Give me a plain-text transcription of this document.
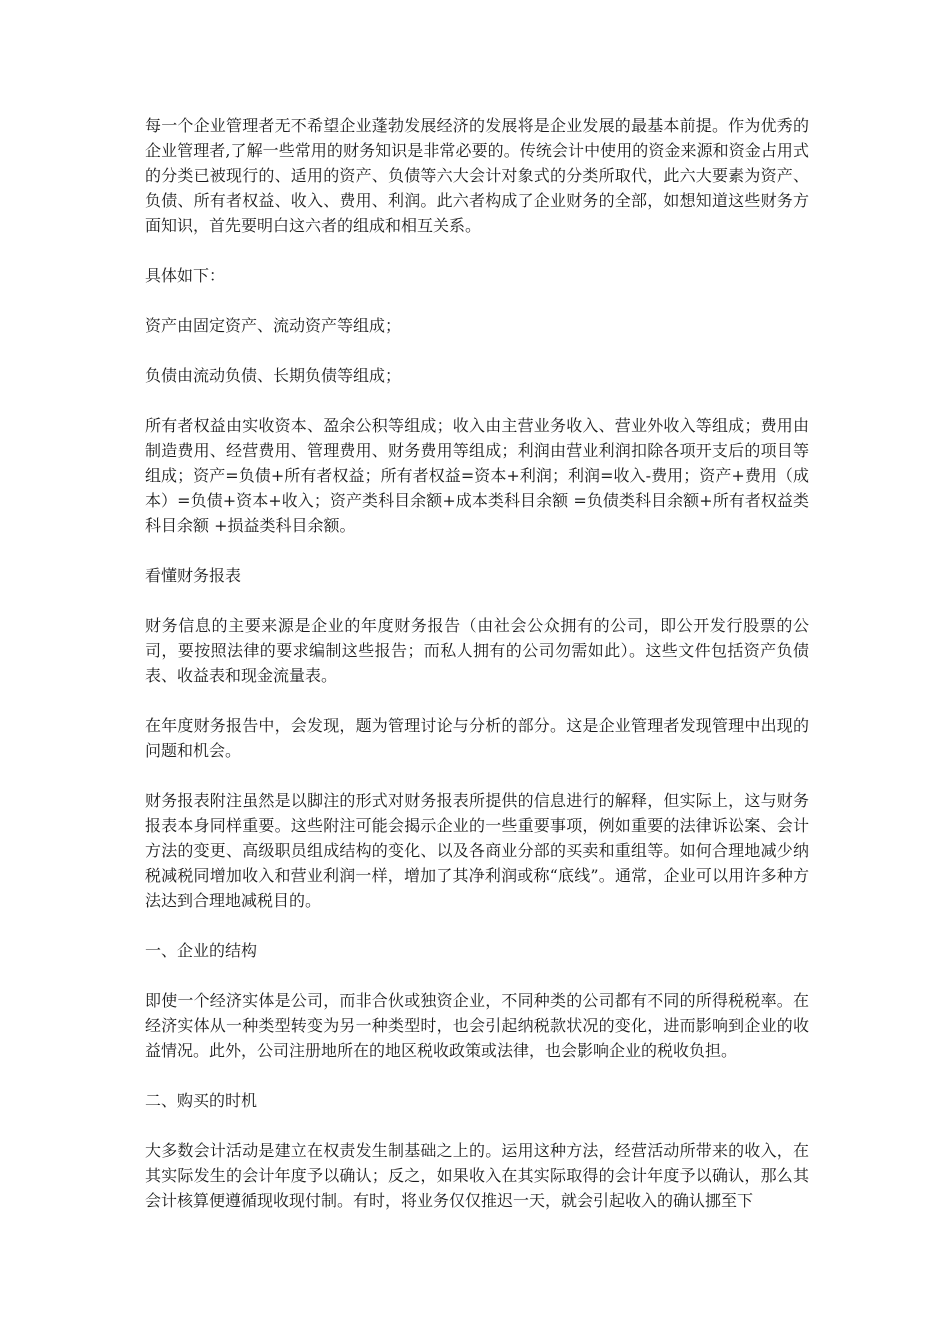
每一个企业管理者无不希望企业蓬勃发展经济的发展将是企业发展的最基本前提。作为优秀的企业管理者,了解一些常用的财务知识是非常必要的。传统会计中使用的资金来源和资金占用式的分类已被现行的、适用的资产、负债等六大会计对象式的分类所取代，此六大要素为资产、负债、所有者权益、收入、费用、利润。此六者构成了企业财务的全部，如想知道这些财务方面知识，首先要明白这六者的组成和相互关系。

具体如下：

资产由固定资产、流动资产等组成；

负债由流动负债、长期负债等组成；

所有者权益由实收资本、盈余公积等组成；收入由主营业务收入、营业外收入等组成；费用由制造费用、经营费用、管理费用、财务费用等组成；利润由营业利润扣除各项开支后的项目等组成；资产=负债+所有者权益；所有者权益=资本+利润；利润=收入-费用；资产+费用（成本）=负债+资本+收入；资产类科目余额+成本类科目余额 =负债类科目余额+所有者权益类科目余额 +损益类科目余额。

看懂财务报表

财务信息的主要来源是企业的年度财务报告（由社会公众拥有的公司，即公开发行股票的公司，要按照法律的要求编制这些报告；而私人拥有的公司勿需如此）。这些文件包括资产负债表、收益表和现金流量表。

在年度财务报告中，会发现，题为管理讨论与分析的部分。这是企业管理者发现管理中出现的问题和机会。

财务报表附注虽然是以脚注的形式对财务报表所提供的信息进行的解释，但实际上，这与财务报表本身同样重要。这些附注可能会揭示企业的一些重要事项，例如重要的法律诉讼案、会计方法的变更、高级职员组成结构的变化、以及各商业分部的买卖和重组等。如何合理地减少纳税减税同增加收入和营业利润一样，增加了其净利润或称“底线”。通常，企业可以用许多种方法达到合理地减税目的。

一、企业的结构

即使一个经济实体是公司，而非合伙或独资企业，不同种类的公司都有不同的所得税税率。在经济实体从一种类型转变为另一种类型时，也会引起纳税款状况的变化，进而影响到企业的收益情况。此外，公司注册地所在的地区税收政策或法律，也会影响企业的税收负担。

二、购买的时机

大多数会计活动是建立在权责发生制基础之上的。运用这种方法，经营活动所带来的收入，在其实际发生的会计年度予以确认；反之，如果收入在其实际取得的会计年度予以确认，那么其会计核算便遵循现收现付制。有时，将业务仅仅推迟一天，就会引起收入的确认挪至下
